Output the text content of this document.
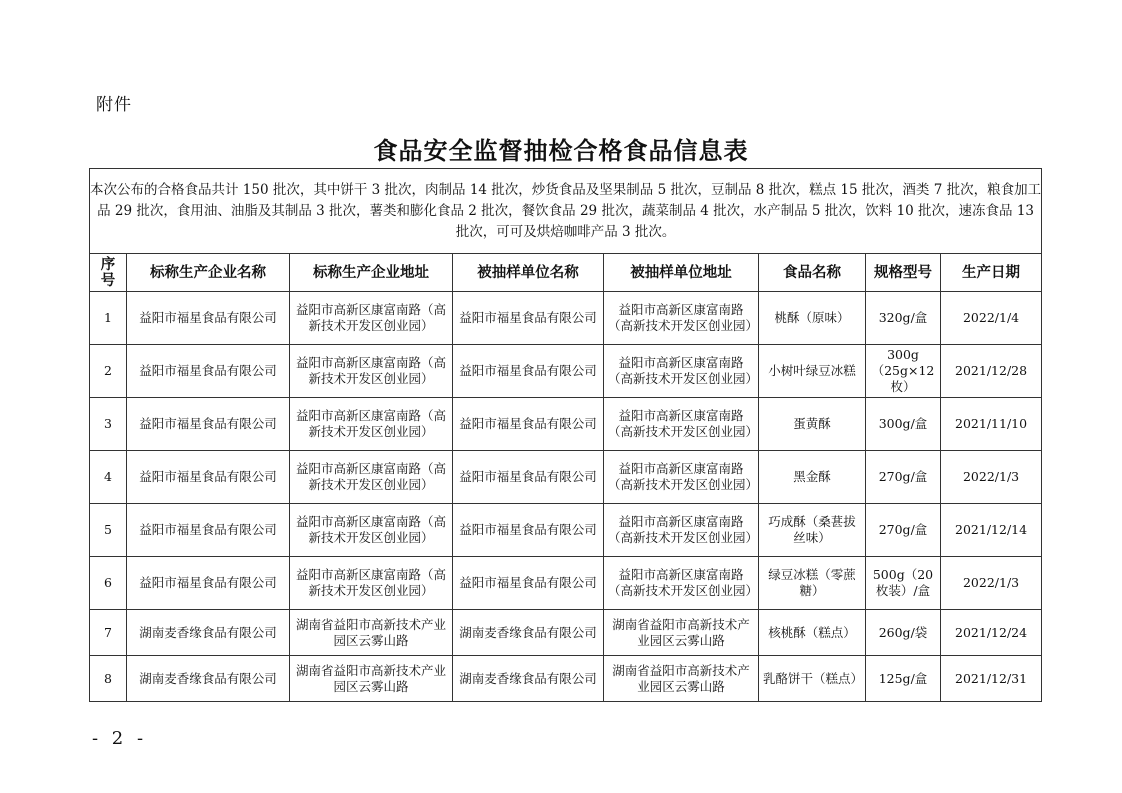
附件
食品安全监督抽检合格食品信息表
本次公布的合格食品共计 150 批次，其中饼干 3 批次，肉制品 14 批次，炒货食品及坚果制品 5 批次，豆制品 8 批次，糕点 15 批次，酒类 7 批次，粮食加工品 29 批次，食用油、油脂及其制品 3 批次，薯类和膨化食品 2 批次，餐饮食品 29 批次，蔬菜制品 4 批次，水产制品 5 批次，饮料 10 批次，速冻食品 13 批次，可可及烘焙咖啡产品 3 批次。							
序号	标称生产企业名称	标称生产企业地址	被抽样单位名称	被抽样单位地址	食品名称	规格型号	生产日期
1	益阳市福星食品有限公司	益阳市高新区康富南路（高新技术开发区创业园）	益阳市福星食品有限公司	益阳市高新区康富南路（高新技术开发区创业园）	桃酥（原味）	320g/盒	2022/1/4
2	益阳市福星食品有限公司	益阳市高新区康富南路（高新技术开发区创业园）	益阳市福星食品有限公司	益阳市高新区康富南路（高新技术开发区创业园）	小树叶绿豆冰糕	300g（25g×12 枚）	2021/12/28
3	益阳市福星食品有限公司	益阳市高新区康富南路（高新技术开发区创业园）	益阳市福星食品有限公司	益阳市高新区康富南路（高新技术开发区创业园）	蛋黄酥	300g/盒	2021/11/10
4	益阳市福星食品有限公司	益阳市高新区康富南路（高新技术开发区创业园）	益阳市福星食品有限公司	益阳市高新区康富南路（高新技术开发区创业园）	黑金酥	270g/盒	2022/1/3
5	益阳市福星食品有限公司	益阳市高新区康富南路（高新技术开发区创业园）	益阳市福星食品有限公司	益阳市高新区康富南路（高新技术开发区创业园）	巧成酥（桑葚拔丝味）	270g/盒	2021/12/14
6	益阳市福星食品有限公司	益阳市高新区康富南路（高新技术开发区创业园）	益阳市福星食品有限公司	益阳市高新区康富南路（高新技术开发区创业园）	绿豆冰糕（零蔗糖）	500g（20 枚装）/盒	2022/1/3
7	湖南麦香缘食品有限公司	湖南省益阳市高新技术产业园区云雾山路	湖南麦香缘食品有限公司	湖南省益阳市高新技术产业园区云雾山路	核桃酥（糕点）	260g/袋	2021/12/24
8	湖南麦香缘食品有限公司	湖南省益阳市高新技术产业园区云雾山路	湖南麦香缘食品有限公司	湖南省益阳市高新技术产业园区云雾山路	乳酪饼干（糕点）	125g/盒	2021/12/31
- 2 -
